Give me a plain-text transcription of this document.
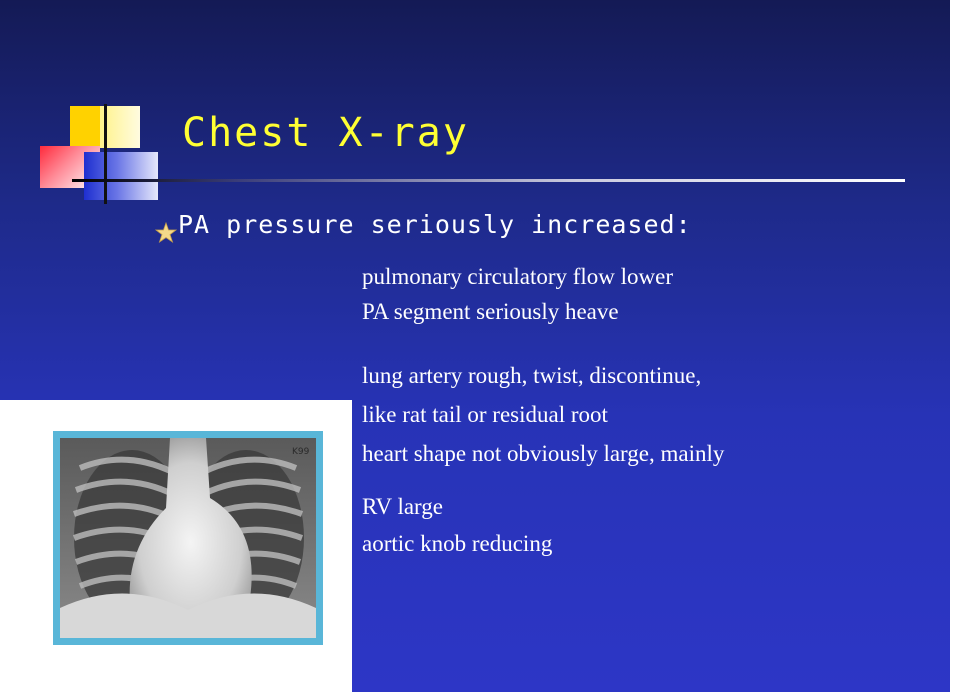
Chest X-ray
PA pressure seriously increased:
pulmonary circulatory flow lower
PA segment seriously heave
lung artery rough, twist, discontinue,
like rat tail or residual root
heart shape not obviously large, mainly
RV large
aortic knob reducing
K99
